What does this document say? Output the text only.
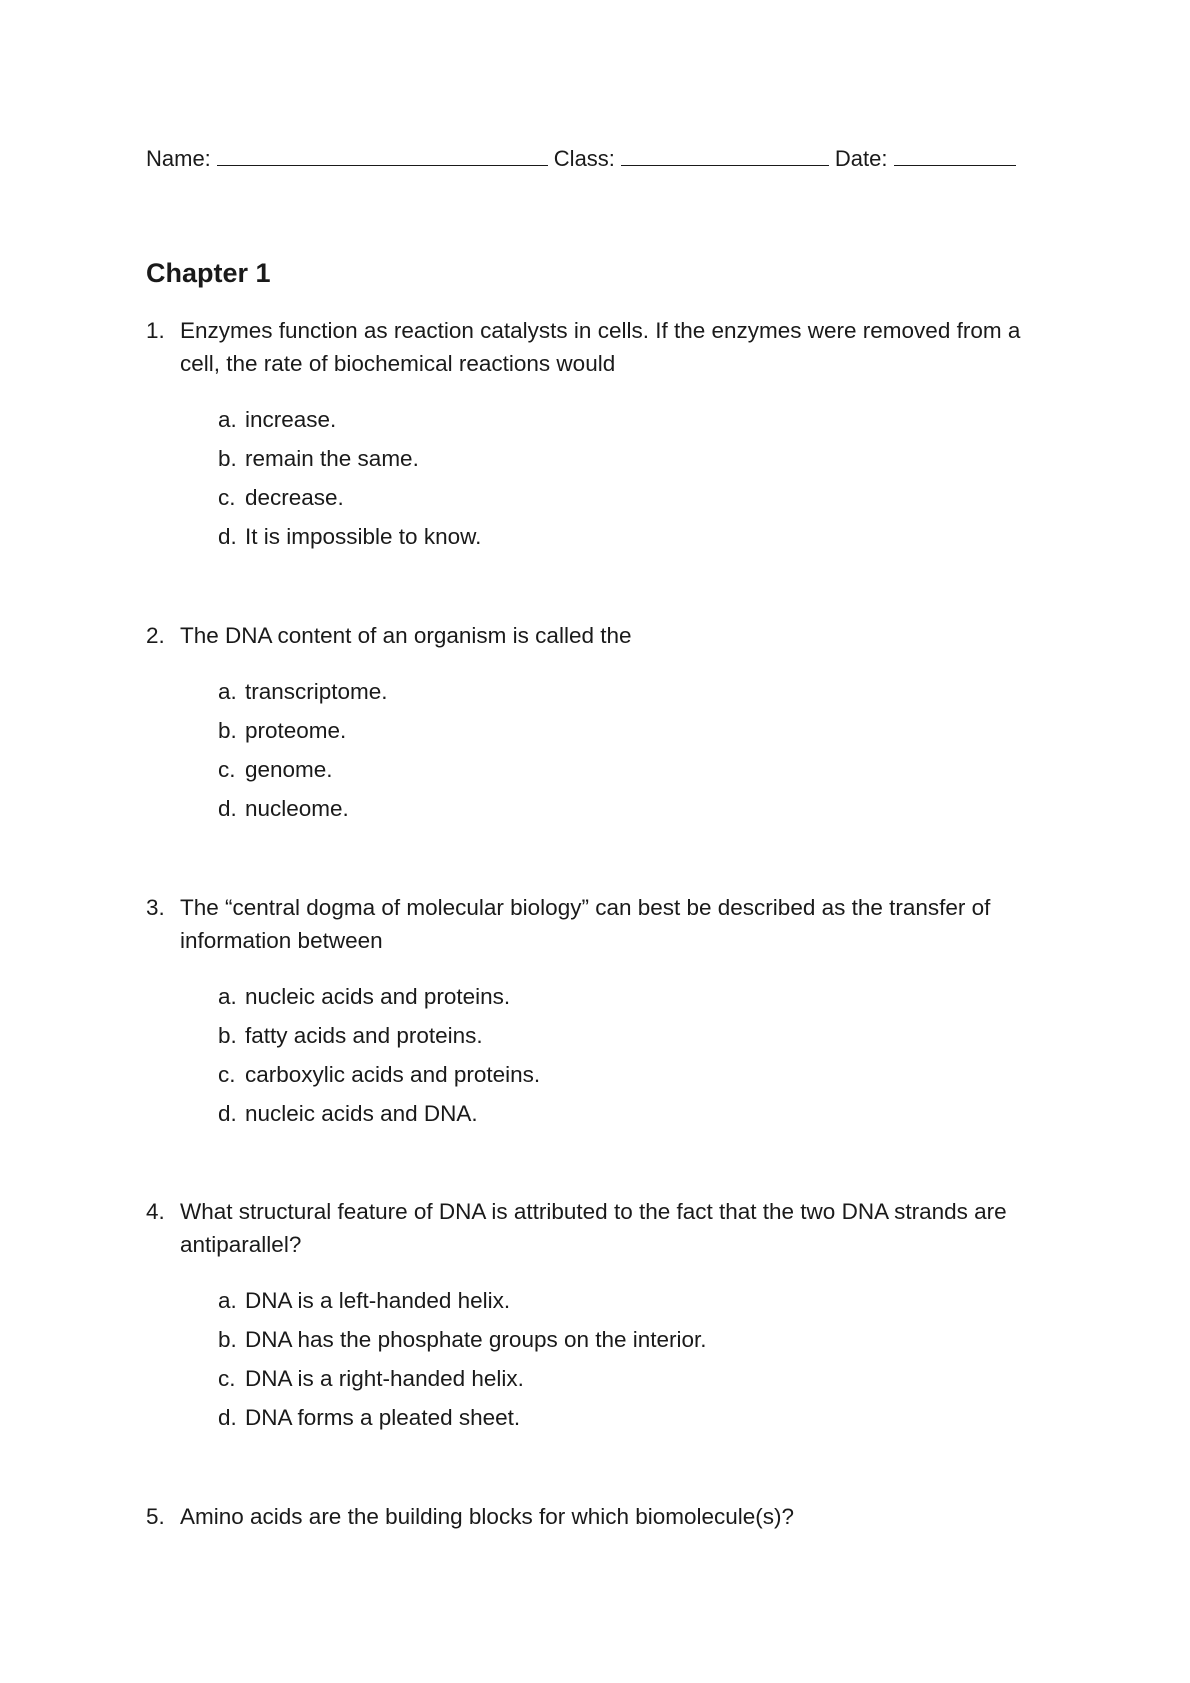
Name:	Class:	Date:
Chapter 1
1. Enzymes function as reaction catalysts in cells. If the enzymes were removed from a cell, the rate of biochemical reactions would
a. increase.
b. remain the same.
c. decrease.
d. It is impossible to know.
2. The DNA content of an organism is called the
a. transcriptome.
b. proteome.
c. genome.
d. nucleome.
3. The “central dogma of molecular biology” can best be described as the transfer of information between
a. nucleic acids and proteins.
b. fatty acids and proteins.
c. carboxylic acids and proteins.
d. nucleic acids and DNA.
4. What structural feature of DNA is attributed to the fact that the two DNA strands are antiparallel?
a. DNA is a left-handed helix.
b. DNA has the phosphate groups on the interior.
c. DNA is a right-handed helix.
d. DNA forms a pleated sheet.
5. Amino acids are the building blocks for which biomolecule(s)?
